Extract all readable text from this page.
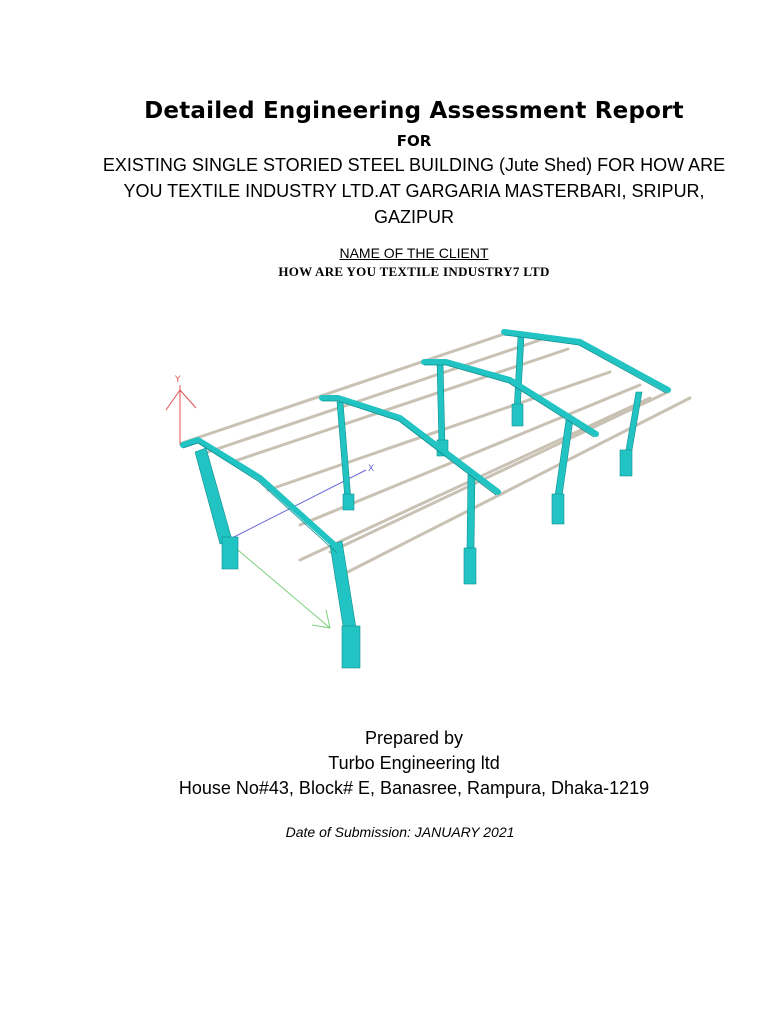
Detailed Engineering Assessment Report
FOR
EXISTING SINGLE STORIED STEEL BUILDING (Jute Shed) FOR HOW ARE
YOU TEXTILE INDUSTRY LTD.AT GARGARIA MASTERBARI, SRIPUR,
GAZIPUR
NAME OF THE CLIENT
HOW ARE YOU TEXTILE INDUSTRY7 LTD
Y
X
Prepared by
Turbo Engineering ltd
House No#43, Block# E, Banasree, Rampura, Dhaka-1219
Date of Submission: JANUARY 2021
